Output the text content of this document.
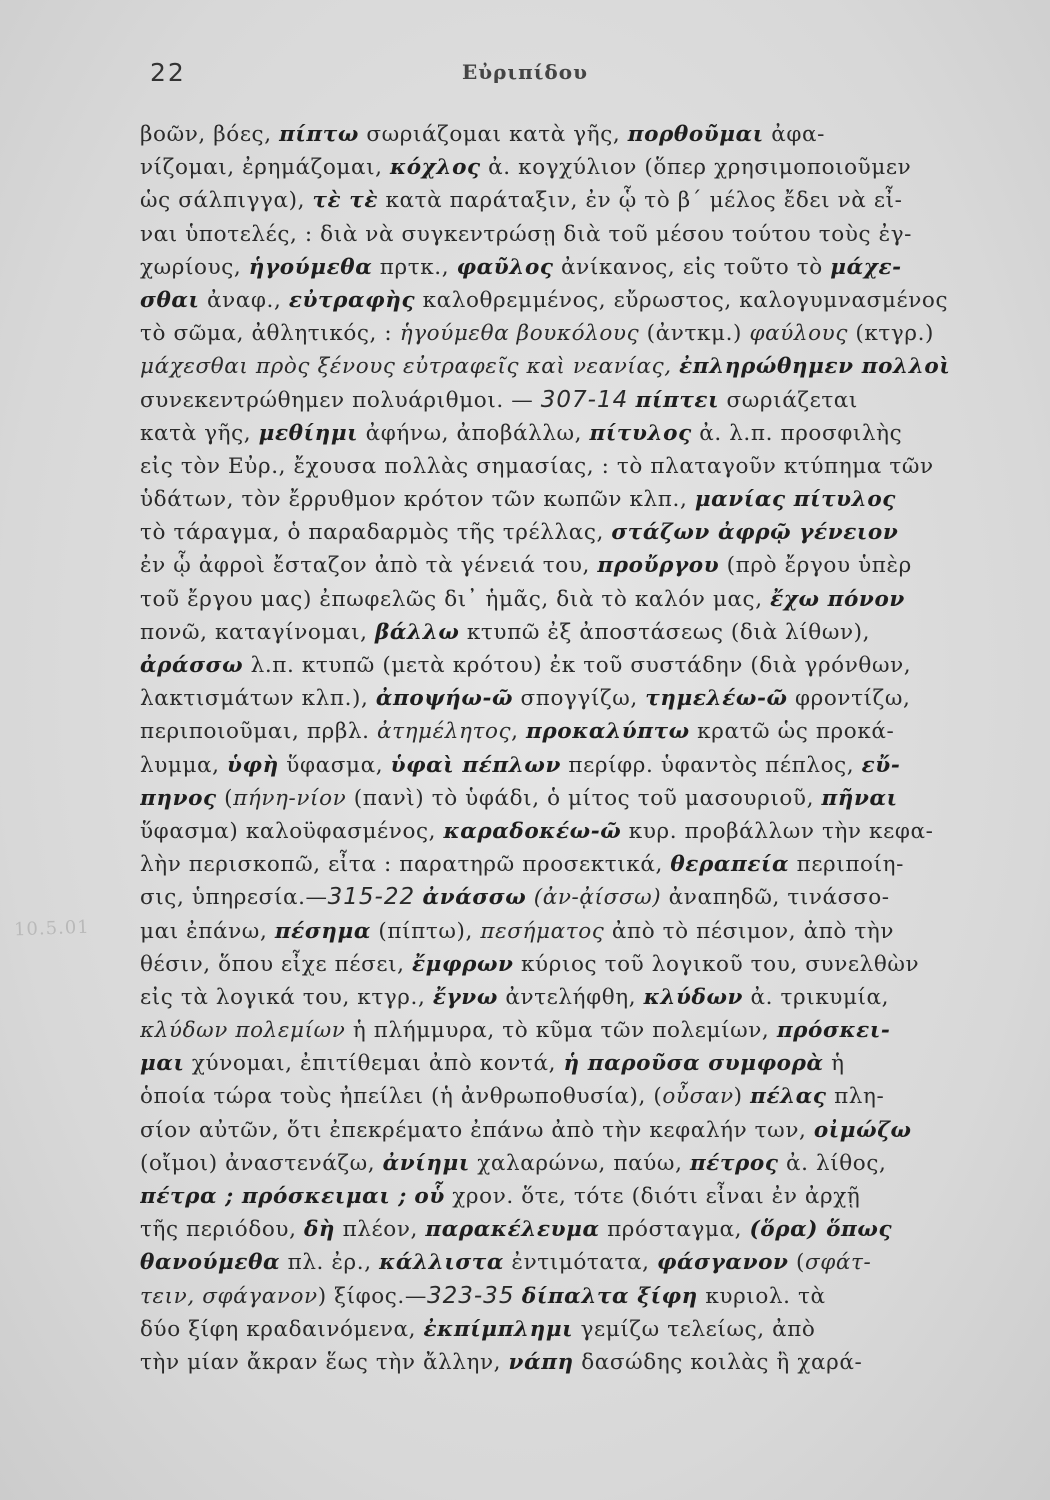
22	Εὐριπίδου
10.5.01
βοῶν, βόες, πίπτω σωριάζομαι κατὰ γῆς, πορθοῦμαι ἀφα-
νίζομαι, ἐρημάζομαι, κόχλος ἀ. κογχύλιον (ὅπερ χρησιμοποιοῦμεν
ὡς σάλπιγγα), τὲ τὲ κατὰ παράταξιν, ἐν ᾧ τὸ β΄ μέλος ἔδει νὰ εἶ-
ναι ὑποτελές, : διὰ νὰ συγκεντρώσῃ διὰ τοῦ μέσου τούτου τοὺς ἐγ-
χωρίους, ἡγούμεθα πρτκ., φαῦλος ἀνίκανος, εἰς τοῦτο τὸ μάχε-
σθαι ἀναφ., εὐτραφὴς καλοθρεμμένος, εὔρωστος, καλογυμνασμένος
τὸ σῶμα, ἀθλητικός, : ἡγούμεθα βουκόλους (ἀντκμ.) φαύλους (κτγρ.)
μάχεσθαι πρὸς ξένους εὐτραφεῖς καὶ νεανίας, ἐπληρώθημεν πολλοὶ
συνεκεντρώθημεν πολυάριθμοι. — 307-14 πίπτει σωριάζεται
κατὰ γῆς, μεθίημι ἀφήνω, ἀποβάλλω, πίτυλος ἀ. λ.π. προσφιλὴς
εἰς τὸν Εὐρ., ἔχουσα πολλὰς σημασίας, : τὸ πλαταγοῦν κτύπημα τῶν
ὑδάτων, τὸν ἔρρυθμον κρότον τῶν κωπῶν κλπ., μανίας πίτυλος
τὸ τάραγμα, ὁ παραδαρμὸς τῆς τρέλλας, στάζων ἀφρῷ γένειον
ἐν ᾧ ἀφροὶ ἔσταζον ἀπὸ τὰ γένειά του, προὔργου (πρὸ ἔργου ὑπὲρ
τοῦ ἔργου μας) ἐπωφελῶς δι᾽ ἡμᾶς, διὰ τὸ καλόν μας, ἔχω πόνον
πονῶ, καταγίνομαι, βάλλω κτυπῶ ἐξ ἀποστάσεως (διὰ λίθων),
ἀράσσω λ.π. κτυπῶ (μετὰ κρότου) ἐκ τοῦ συστάδην (διὰ γρόνθων,
λακτισμάτων κλπ.), ἀποψήω-ῶ σπογγίζω, τημελέω-ῶ φροντίζω,
περιποιοῦμαι, πρβλ. ἀτημέλητος, προκαλύπτω κρατῶ ὡς προκά-
λυμμα, ὑφὴ ὕφασμα, ὑφαὶ πέπλων περίφρ. ὑφαντὸς πέπλος, εὔ-
πηνος (πήνη-νίον (πανὶ) τὸ ὑφάδι, ὁ μίτος τοῦ μασουριοῦ, πῆναι
ὕφασμα) καλοϋφασμένος, καραδοκέω-ῶ κυρ. προβάλλων τὴν κεφα-
λὴν περισκοπῶ, εἶτα : παρατηρῶ προσεκτικά, θεραπεία περιποίη-
σις, ὑπηρεσία.—315-22 ἀνάσσω (ἀν-ᾀίσσω) ἀναπηδῶ, τινάσσο-
μαι ἐπάνω, πέσημα (πίπτω), πεσήματος ἀπὸ τὸ πέσιμον, ἀπὸ τὴν
θέσιν, ὅπου εἶχε πέσει, ἔμφρων κύριος τοῦ λογικοῦ του, συνελθὼν
εἰς τὰ λογικά του, κτγρ., ἔγνω ἀντελήφθη, κλύδων ἀ. τρικυμία,
κλύδων πολεμίων ἡ πλήμμυρα, τὸ κῦμα τῶν πολεμίων, πρόσκει-
μαι χύνομαι, ἐπιτίθεμαι ἀπὸ κοντά, ἡ παροῦσα συμφορὰ ἡ
ὁποία τώρα τοὺς ἠπείλει (ἡ ἀνθρωποθυσία), (οὖσαν) πέλας πλη-
σίον αὐτῶν, ὅτι ἐπεκρέματο ἐπάνω ἀπὸ τὴν κεφαλήν των, οἰμώζω
(οἴμοι) ἀναστενάζω, ἀνίημι χαλαρώνω, παύω, πέτρος ἀ. λίθος,
πέτρα ; πρόσκειμαι ; οὗ χρον. ὅτε, τότε (διότι εἶναι ἐν ἀρχῇ
τῆς περιόδου, δὴ πλέον, παρακέλευμα πρόσταγμα, (ὅρα) ὅπως
θανούμεθα πλ. ἐρ., κάλλιστα ἐντιμότατα, φάσγανον (σφάτ-
τειν, σφάγανον) ξίφος.—323-35 δίπαλτα ξίφη κυριολ. τὰ
δύο ξίφη κραδαινόμενα, ἐκπίμπλημι γεμίζω τελείως, ἀπὸ
τὴν μίαν ἄκραν ἕως τὴν ἄλλην, νάπη δασώδης κοιλὰς ἢ χαρά-
